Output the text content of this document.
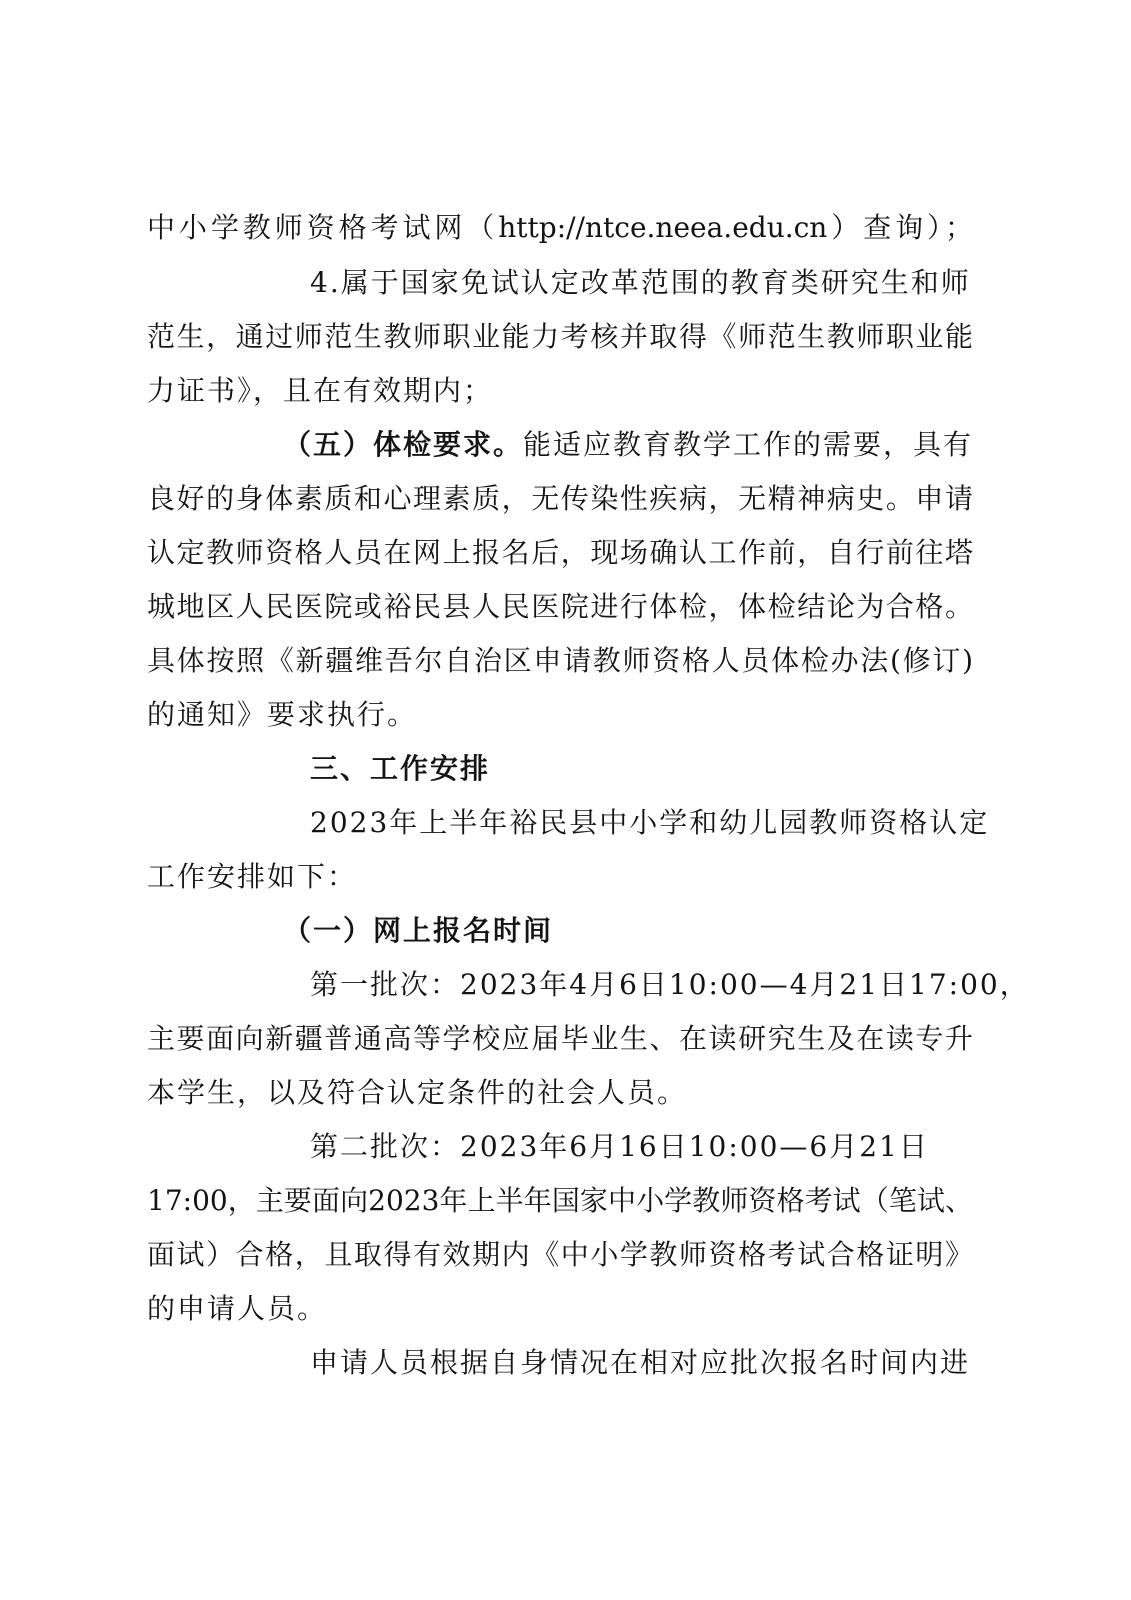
中小学教师资格考试网（http://ntce.neea.edu.cn）查询）；

4.属于国家免试认定改革范围的教育类研究生和师

范生，通过师范生教师职业能力考核并取得《师范生教师职业能

力证书》，且在有效期内；

（五）体检要求。能适应教育教学工作的需要，具有

良好的身体素质和心理素质，无传染性疾病，无精神病史。申请

认定教师资格人员在网上报名后，现场确认工作前，自行前往塔

城地区人民医院或裕民县人民医院进行体检，体检结论为合格。

具体按照《新疆维吾尔自治区申请教师资格人员体检办法(修订)

的通知》要求执行。

三、工作安排

2023年上半年裕民县中小学和幼儿园教师资格认定

工作安排如下：

（一）网上报名时间

第一批次：2023年4月6日10:00—4月21日17:00，

主要面向新疆普通高等学校应届毕业生、在读研究生及在读专升

本学生，以及符合认定条件的社会人员。

第二批次：2023年6月16日10:00—6月21日

17:00，主要面向2023年上半年国家中小学教师资格考试（笔试、

面试）合格，且取得有效期内《中小学教师资格考试合格证明》

的申请人员。

申请人员根据自身情况在相对应批次报名时间内进
